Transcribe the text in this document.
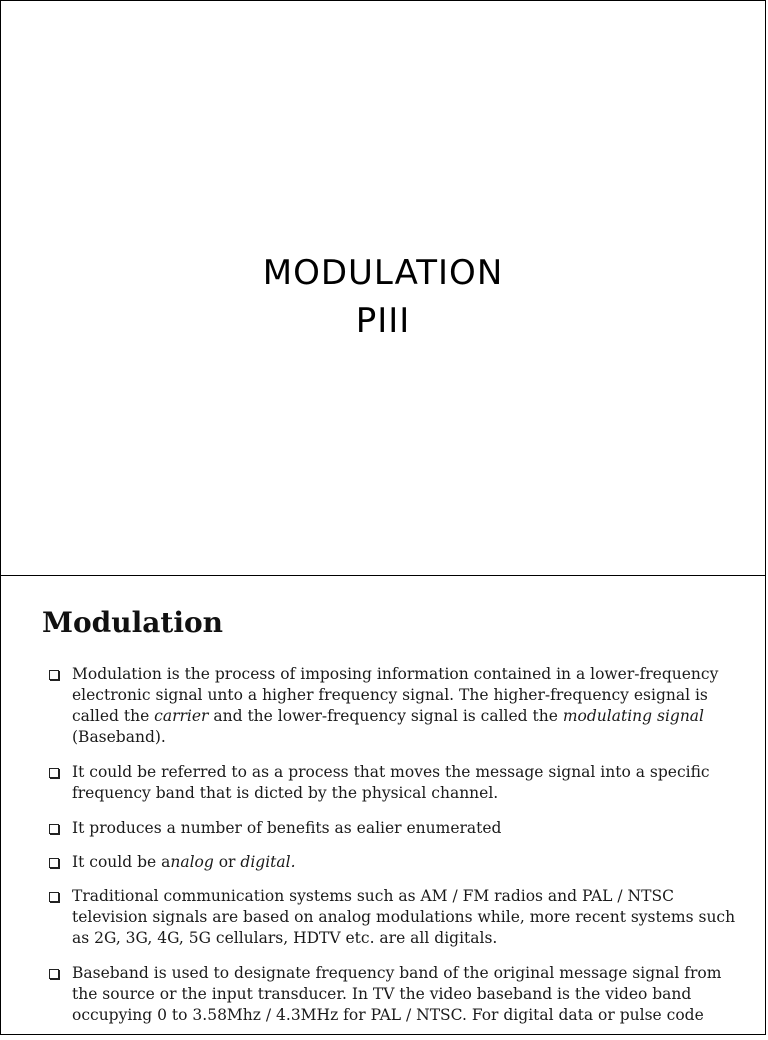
MODULATION
PIII
Modulation
Modulation is the process of imposing information contained in a lower-frequency electronic signal unto a higher frequency signal. The higher-frequency esignal is called the carrier and the lower-frequency signal is called the modulating signal (Baseband).
It could be referred to as a process that moves the message signal into a specific frequency band that is dicted by the physical channel.
It produces a number of benefits as ealier enumerated
It could be analog or digital.
Traditional communication systems such as AM / FM radios and PAL / NTSC television signals are based on analog modulations while, more recent systems such as 2G, 3G, 4G, 5G cellulars, HDTV etc. are all digitals.
Baseband is used to designate frequency band of the original message signal from the source or the input transducer. In TV the video baseband is the video band occupying 0 to 3.58Mhz / 4.3MHz for PAL / NTSC. For digital data or pulse code
